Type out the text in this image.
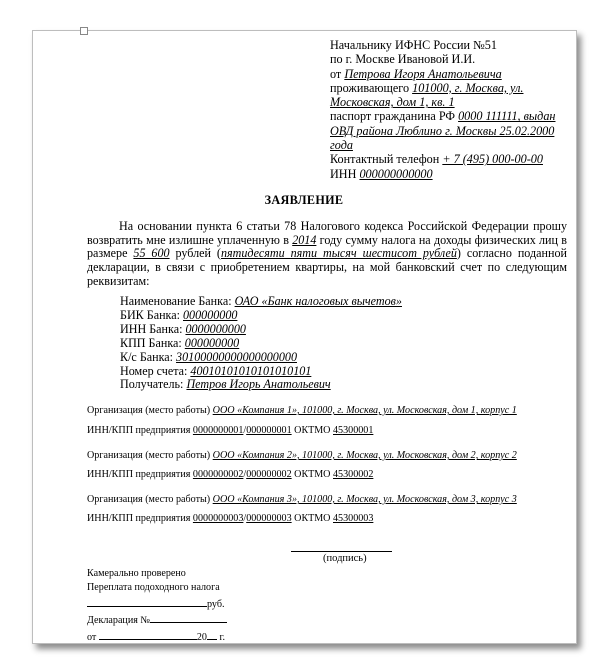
Начальнику ИФНС России №51
по г. Москве Ивановой И.И.
от Петрова Игоря Анатольевича
проживающего 101000, г. Москва, ул.
Московская, дом 1, кв. 1
паспорт гражданина РФ 0000 111111, выдан
ОВД района Люблино г. Москвы 25.02.2000
года
Контактный телефон + 7 (495) 000-00-00
ИНН 000000000000
ЗАЯВЛЕНИЕ
На основании пункта 6 статьи 78 Налогового кодекса Российской Федерации прошу возвратить мне излишне уплаченную в 2014 году сумму налога на доходы физических лиц в размере 55 600 рублей (пятидесяти пяти тысяч шестисот рублей) согласно поданной декларации, в связи с приобретением квартиры, на мой банковский счет по следующим реквизитам:
Наименование Банка: ОАО «Банк налоговых вычетов»
БИК Банка: 000000000
ИНН Банка: 0000000000
КПП Банка: 000000000
К/с Банка: 30100000000000000000
Номер счета: 40010101010101010101
Получатель: Петров Игорь Анатольевич
Организация (место работы) ООО «Компания 1», 101000, г. Москва, ул. Московская, дом 1, корпус 1
ИНН/КПП предприятия 0000000001/000000001 ОКТМО 45300001
Организация (место работы) ООО «Компания 2», 101000, г. Москва, ул. Московская, дом 2, корпус 2
ИНН/КПП предприятия 0000000002/000000002 ОКТМО 45300002
Организация (место работы) ООО «Компания 3», 101000, г. Москва, ул. Московская, дом 3, корпус 3
ИНН/КПП предприятия 0000000003/000000003 ОКТМО 45300003
(подпись)
Камерально проверено
Переплата подоходного налога
руб.
Декларация №
от	20 г.
